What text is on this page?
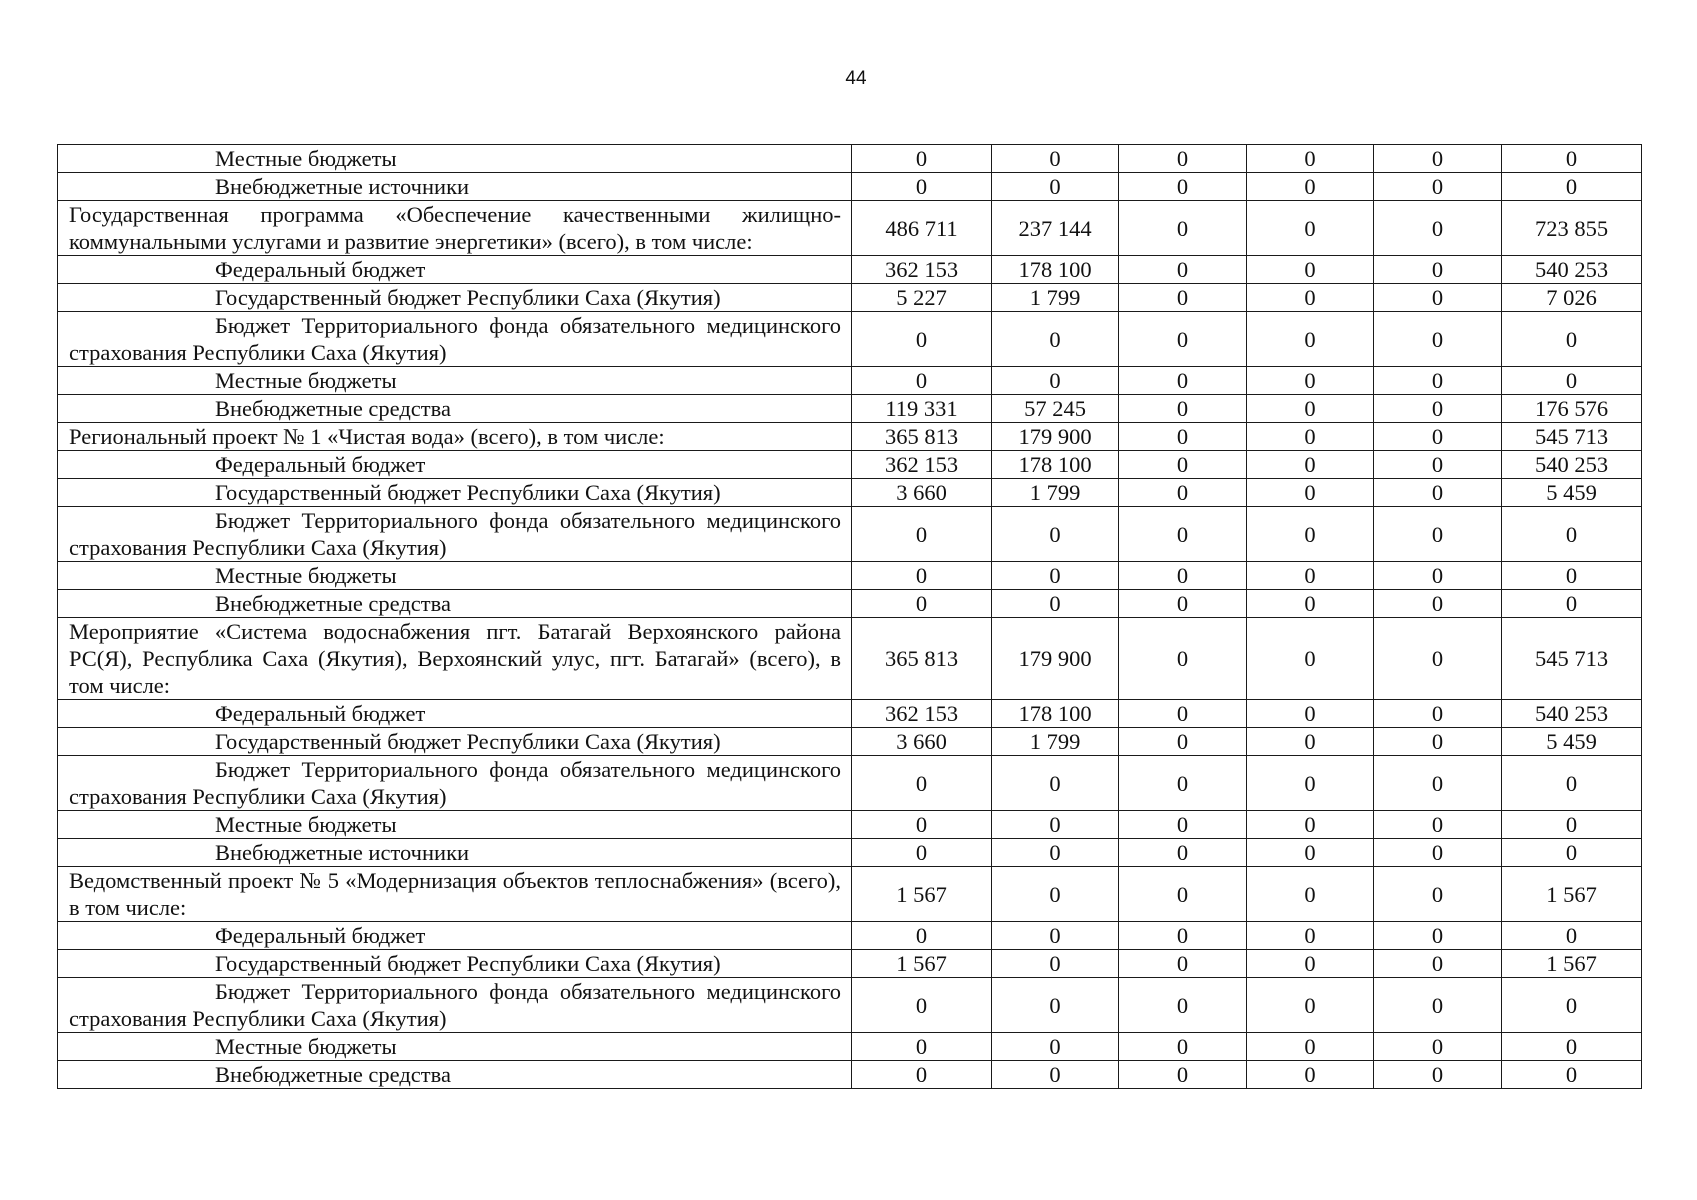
44
Местные бюджеты	0	0	0	0	0	0
Внебюджетные источники	0	0	0	0	0	0
Государственная программа «Обеспечение качественными жилищно-коммунальными услугами и развитие энергетики» (всего), в том числе:	486 711	237 144	0	0	0	723 855
Федеральный бюджет	362 153	178 100	0	0	0	540 253
Государственный бюджет Республики Саха (Якутия)	5 227	1 799	0	0	0	7 026
Бюджет Территориального фонда обязательного медицинского страхования Республики Саха (Якутия)	0	0	0	0	0	0
Местные бюджеты	0	0	0	0	0	0
Внебюджетные средства	119 331	57 245	0	0	0	176 576
Региональный проект № 1 «Чистая вода» (всего), в том числе:	365 813	179 900	0	0	0	545 713
Федеральный бюджет	362 153	178 100	0	0	0	540 253
Государственный бюджет Республики Саха (Якутия)	3 660	1 799	0	0	0	5 459
Бюджет Территориального фонда обязательного медицинского страхования Республики Саха (Якутия)	0	0	0	0	0	0
Местные бюджеты	0	0	0	0	0	0
Внебюджетные средства	0	0	0	0	0	0
Мероприятие «Система водоснабжения пгт. Батагай Верхоянского района РС(Я), Республика Саха (Якутия), Верхоянский улус, пгт. Батагай» (всего), в том числе:	365 813	179 900	0	0	0	545 713
Федеральный бюджет	362 153	178 100	0	0	0	540 253
Государственный бюджет Республики Саха (Якутия)	3 660	1 799	0	0	0	5 459
Бюджет Территориального фонда обязательного медицинского страхования Республики Саха (Якутия)	0	0	0	0	0	0
Местные бюджеты	0	0	0	0	0	0
Внебюджетные источники	0	0	0	0	0	0
Ведомственный проект № 5 «Модернизация объектов теплоснабжения» (всего), в том числе:	1 567	0	0	0	0	1 567
Федеральный бюджет	0	0	0	0	0	0
Государственный бюджет Республики Саха (Якутия)	1 567	0	0	0	0	1 567
Бюджет Территориального фонда обязательного медицинского страхования Республики Саха (Якутия)	0	0	0	0	0	0
Местные бюджеты	0	0	0	0	0	0
Внебюджетные средства	0	0	0	0	0	0
